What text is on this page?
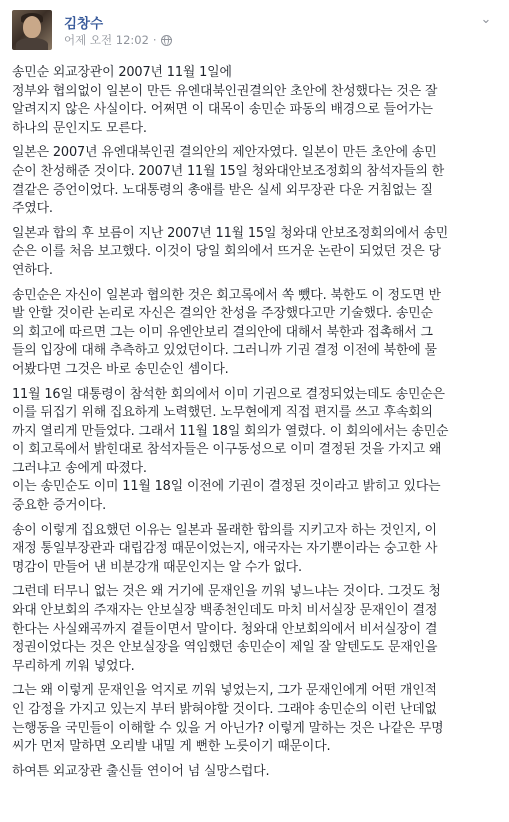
김창수
어제 오전 12:02 ·
⌄
송민순 외교장관이 2007년 11월 1일에
정부와 협의없이 일본이 만든 유엔대북인권결의안 초안에 찬성했다는 것은 잘
알려지지 않은 사실이다. 어쩌면 이 대목이 송민순 파동의 배경으로 들어가는
하나의 문인지도 모른다.
일본은 2007년 유엔대북인권 결의안의 제안자였다. 일본이 만든 초안에 송민
순이 찬성해준 것이다. 2007년 11월 15일 청와대안보조정회의 참석자들의 한
결같은 증언이었다. 노대통령의 총애를 받은 실세 외무장관 다운 거침없는 질
주였다.
일본과 합의 후 보름이 지난 2007년 11월 15일 청와대 안보조정회의에서 송민
순은 이를 처음 보고했다. 이것이 당일 회의에서 뜨거운 논란이 되었던 것은 당
연하다.
송민순은 자신이 일본과 협의한 것은 회고록에서 쏙 뺐다. 북한도 이 정도면 반
발 안할 것이란 논리로 자신은 결의안 찬성을 주장했다고만 기술했다. 송민순
의 회고에 따르면 그는 이미 유엔안보리 결의안에 대해서 북한과 접촉해서 그
들의 입장에 대해 추측하고 있었던이다. 그러니까 기권 결정 이전에 북한에 물
어봤다면 그것은 바로 송민순인 셈이다.
11월 16일 대통령이 참석한 회의에서 이미 기권으로 결정되었는데도 송민순은
이를 뒤집기 위해 집요하게 노력했던. 노무현에게 직접 편지를 쓰고 후속회의
까지 열리게 만들었다. 그래서 11월 18일 회의가 열렸다. 이 회의에서는 송민순
이 회고록에서 밝힌대로 참석자들은 이구동성으로 이미 결정된 것을 가지고 왜
그러냐고 송에게 따졌다.
이는 송민순도 이미 11월 18일 이전에 기권이 결정된 것이라고 밝히고 있다는
중요한 증거이다.
송이 이렇게 집요했던 이유는 일본과 몰래한 합의를 지키고자 하는 것인지, 이
재정 통일부장관과 대립감정 때문이었는지, 애국자는 자기뿐이라는 숭고한 사
명감이 만들어 낸 비분강개 때문인지는 알 수가 없다.
그런데 터무니 없는 것은 왜 거기에 문재인을 끼워 넣느냐는 것이다. 그것도 청
와대 안보회의 주재자는 안보실장 백종천인데도 마치 비서실장 문재인이 결정
한다는 사실왜곡까지 곁들이면서 말이다. 청와대 안보회의에서 비서실장이 결
정권이었다는 것은 안보실장을 역임했던 송민순이 제일 잘 알텐도도 문재인을
무리하게 끼워 넣었다.
그는 왜 이렇게 문재인을 억지로 끼워 넣었는지, 그가 문재인에게 어떤 개인적
인 감정을 가지고 있는지 부터 밝혀야할 것이다. 그래야 송민순의 이런 난데없
는행동을 국민들이 이해할 수 있을 거 아닌가? 이렇게 말하는 것은 나같은 무명
씨가 먼저 말하면 오리발 내밀 게 뻔한 노릇이기 때문이다.
하여튼 외교장관 출신들 연이어 넘 실망스럽다.
